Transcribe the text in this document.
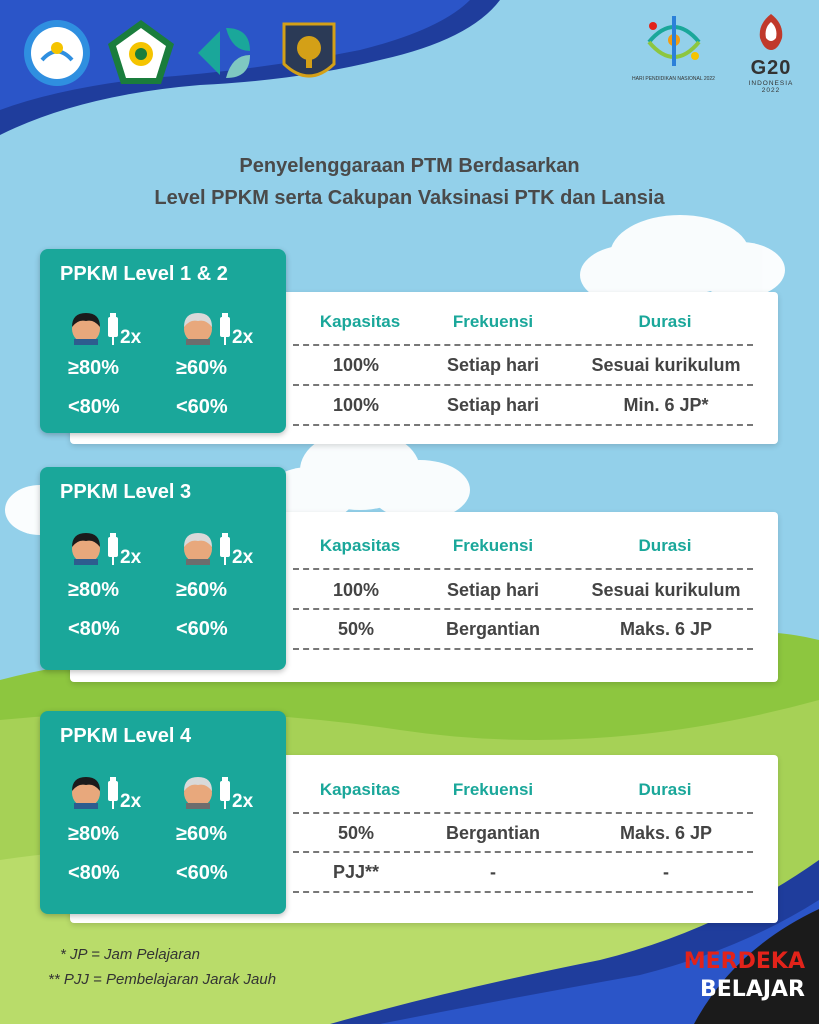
HARI PENDIDIKAN NASIONAL 2022	G20
INDONESIA
2022
Penyelenggaraan PTM Berdasarkan
Level PPKM serta Cakupan Vaksinasi PTK dan Lansia
Kapasitas	Frekuensi	Durasi
100%	Setiap hari	Sesuai kurikulum
100%	Setiap hari	Min. 6 JP*
PPKM Level 1 & 2
2x	2x
≥80%	≥60%
<80%	<60%
Kapasitas	Frekuensi	Durasi
100%	Setiap hari	Sesuai kurikulum
50%	Bergantian	Maks. 6 JP
PPKM Level 3
2x	2x
≥80%	≥60%
<80%	<60%
Kapasitas	Frekuensi	Durasi
50%	Bergantian	Maks. 6 JP
PJJ**	-	-
PPKM Level 4
2x	2x
≥80%	≥60%
<80%	<60%
* JP = Jam Pelajaran
** PJJ = Pembelajaran Jarak Jauh
MERDEKA
BELAJAR
